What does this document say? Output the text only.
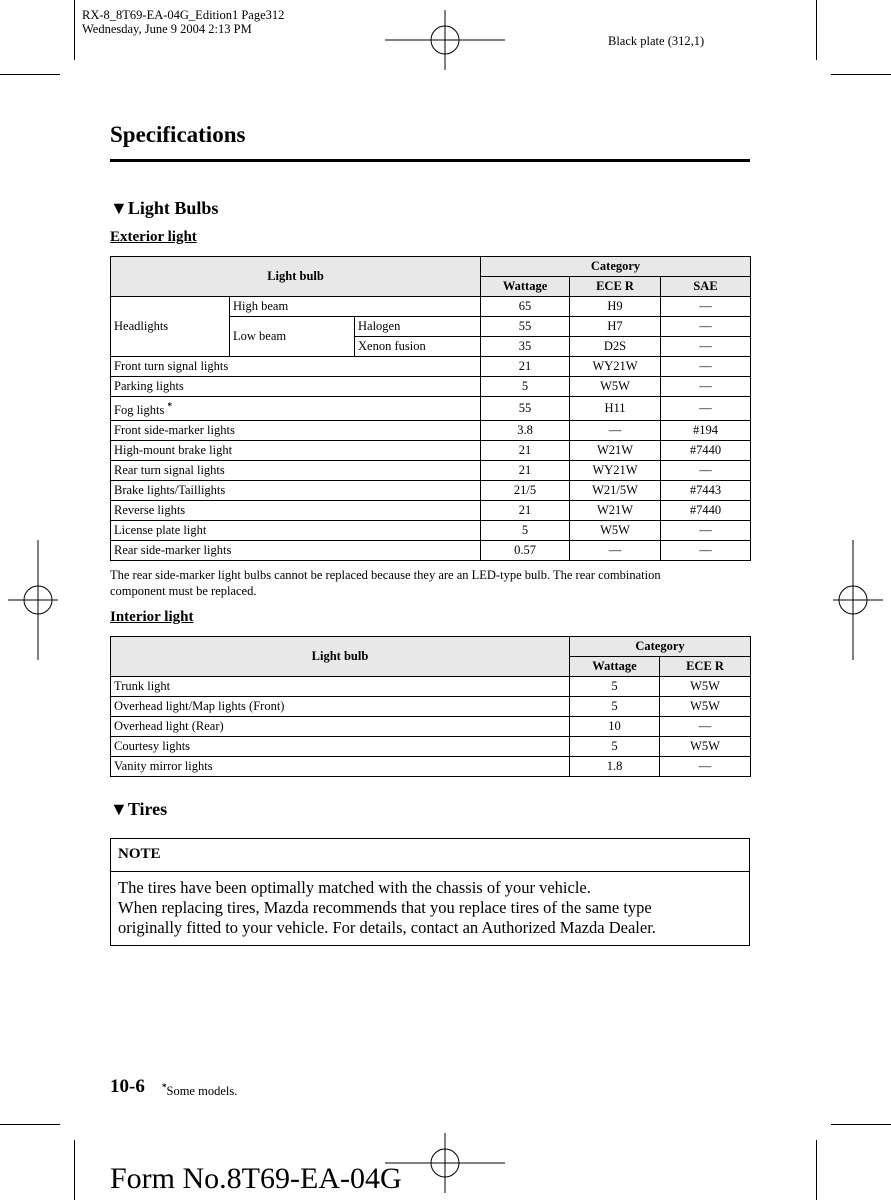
RX-8_8T69-EA-04G_Edition1 Page312
Wednesday, June 9 2004 2:13 PM
Black plate (312,1)
Specifications
▼Light Bulbs
Exterior light
Light bulb			Category		
			Wattage	ECE R	SAE
Headlights	High beam		65	H9	—
	Low beam	Halogen	55	H7	—
		Xenon fusion	35	D2S	—
Front turn signal lights			21	WY21W	—
Parking lights			5	W5W	—
Fog lights *			55	H11	—
Front side-marker lights			3.8	—	#194
High-mount brake light			21	W21W	#7440
Rear turn signal lights			21	WY21W	—
Brake lights/Taillights			21/5	W21/5W	#7443
Reverse lights			21	W21W	#7440
License plate light			5	W5W	—
Rear side-marker lights			0.57	—	—
The rear side-marker light bulbs cannot be replaced because they are an LED-type bulb. The rear combination
component must be replaced.
Interior light
Light bulb	Category	
	Wattage	ECE R
Trunk light	5	W5W
Overhead light/Map lights (Front)	5	W5W
Overhead light (Rear)	10	—
Courtesy lights	5	W5W
Vanity mirror lights	1.8	—
▼Tires
NOTE
The tires have been optimally matched with the chassis of your vehicle.
When replacing tires, Mazda recommends that you replace tires of the same type
originally fitted to your vehicle. For details, contact an Authorized Mazda Dealer.
10-6 *Some models.
Form No.8T69-EA-04G
